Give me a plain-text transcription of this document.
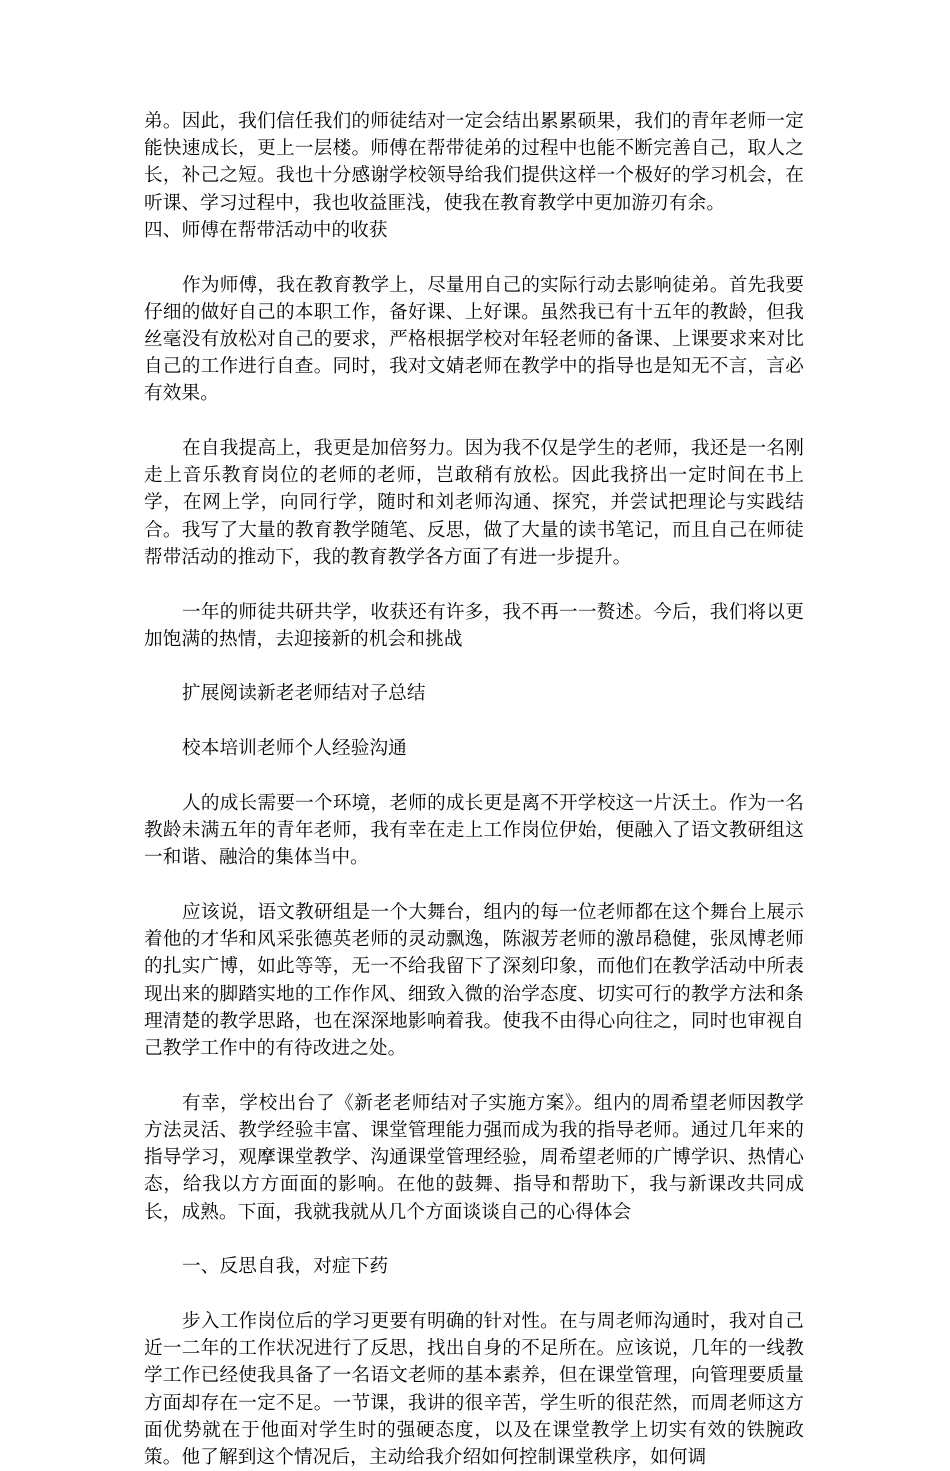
弟。因此，我们信任我们的师徒结对一定会结出累累硕果，我们的青年老师一定能快速成长，更上一层楼。师傅在帮带徒弟的过程中也能不断完善自己，取人之长，补己之短。我也十分感谢学校领导给我们提供这样一个极好的学习机会，在听课、学习过程中，我也收益匪浅，使我在教育教学中更加游刃有余。

四、师傅在帮带活动中的收获

作为师傅，我在教育教学上，尽量用自己的实际行动去影响徒弟。首先我要仔细的做好自己的本职工作，备好课、上好课。虽然我已有十五年的教龄，但我丝毫没有放松对自己的要求，严格根据学校对年轻老师的备课、上课要求来对比自己的工作进行自查。同时，我对文婧老师在教学中的指导也是知无不言，言必有效果。

在自我提高上，我更是加倍努力。因为我不仅是学生的老师，我还是一名刚走上音乐教育岗位的老师的老师，岂敢稍有放松。因此我挤出一定时间在书上学，在网上学，向同行学，随时和刘老师沟通、探究，并尝试把理论与实践结合。我写了大量的教育教学随笔、反思，做了大量的读书笔记，而且自己在师徒帮带活动的推动下，我的教育教学各方面了有进一步提升。

一年的师徒共研共学，收获还有许多，我不再一一赘述。今后，我们将以更加饱满的热情，去迎接新的机会和挑战

扩展阅读新老老师结对子总结

校本培训老师个人经验沟通

人的成长需要一个环境，老师的成长更是离不开学校这一片沃土。作为一名教龄未满五年的青年老师，我有幸在走上工作岗位伊始，便融入了语文教研组这一和谐、融洽的集体当中。

应该说，语文教研组是一个大舞台，组内的每一位老师都在这个舞台上展示着他的才华和风采张德英老师的灵动飘逸，陈淑芳老师的激昂稳健，张凤博老师的扎实广博，如此等等，无一不给我留下了深刻印象，而他们在教学活动中所表现出来的脚踏实地的工作作风、细致入微的治学态度、切实可行的教学方法和条理清楚的教学思路，也在深深地影响着我。使我不由得心向往之，同时也审视自己教学工作中的有待改进之处。

有幸，学校出台了《新老老师结对子实施方案》。组内的周希望老师因教学方法灵活、教学经验丰富、课堂管理能力强而成为我的指导老师。通过几年来的指导学习，观摩课堂教学、沟通课堂管理经验，周希望老师的广博学识、热情心态，给我以方方面面的影响。在他的鼓舞、指导和帮助下，我与新课改共同成长，成熟。下面，我就我就从几个方面谈谈自己的心得体会

一、反思自我，对症下药

步入工作岗位后的学习更要有明确的针对性。在与周老师沟通时，我对自己近一二年的工作状况进行了反思，找出自身的不足所在。应该说，几年的一线教学工作已经使我具备了一名语文老师的基本素养，但在课堂管理，向管理要质量方面却存在一定不足。一节课，我讲的很辛苦，学生听的很茫然，而周老师这方面优势就在于他面对学生时的强硬态度，以及在课堂教学上切实有效的铁腕政策。他了解到这个情况后，主动给我介绍如何控制课堂秩序，如何调
